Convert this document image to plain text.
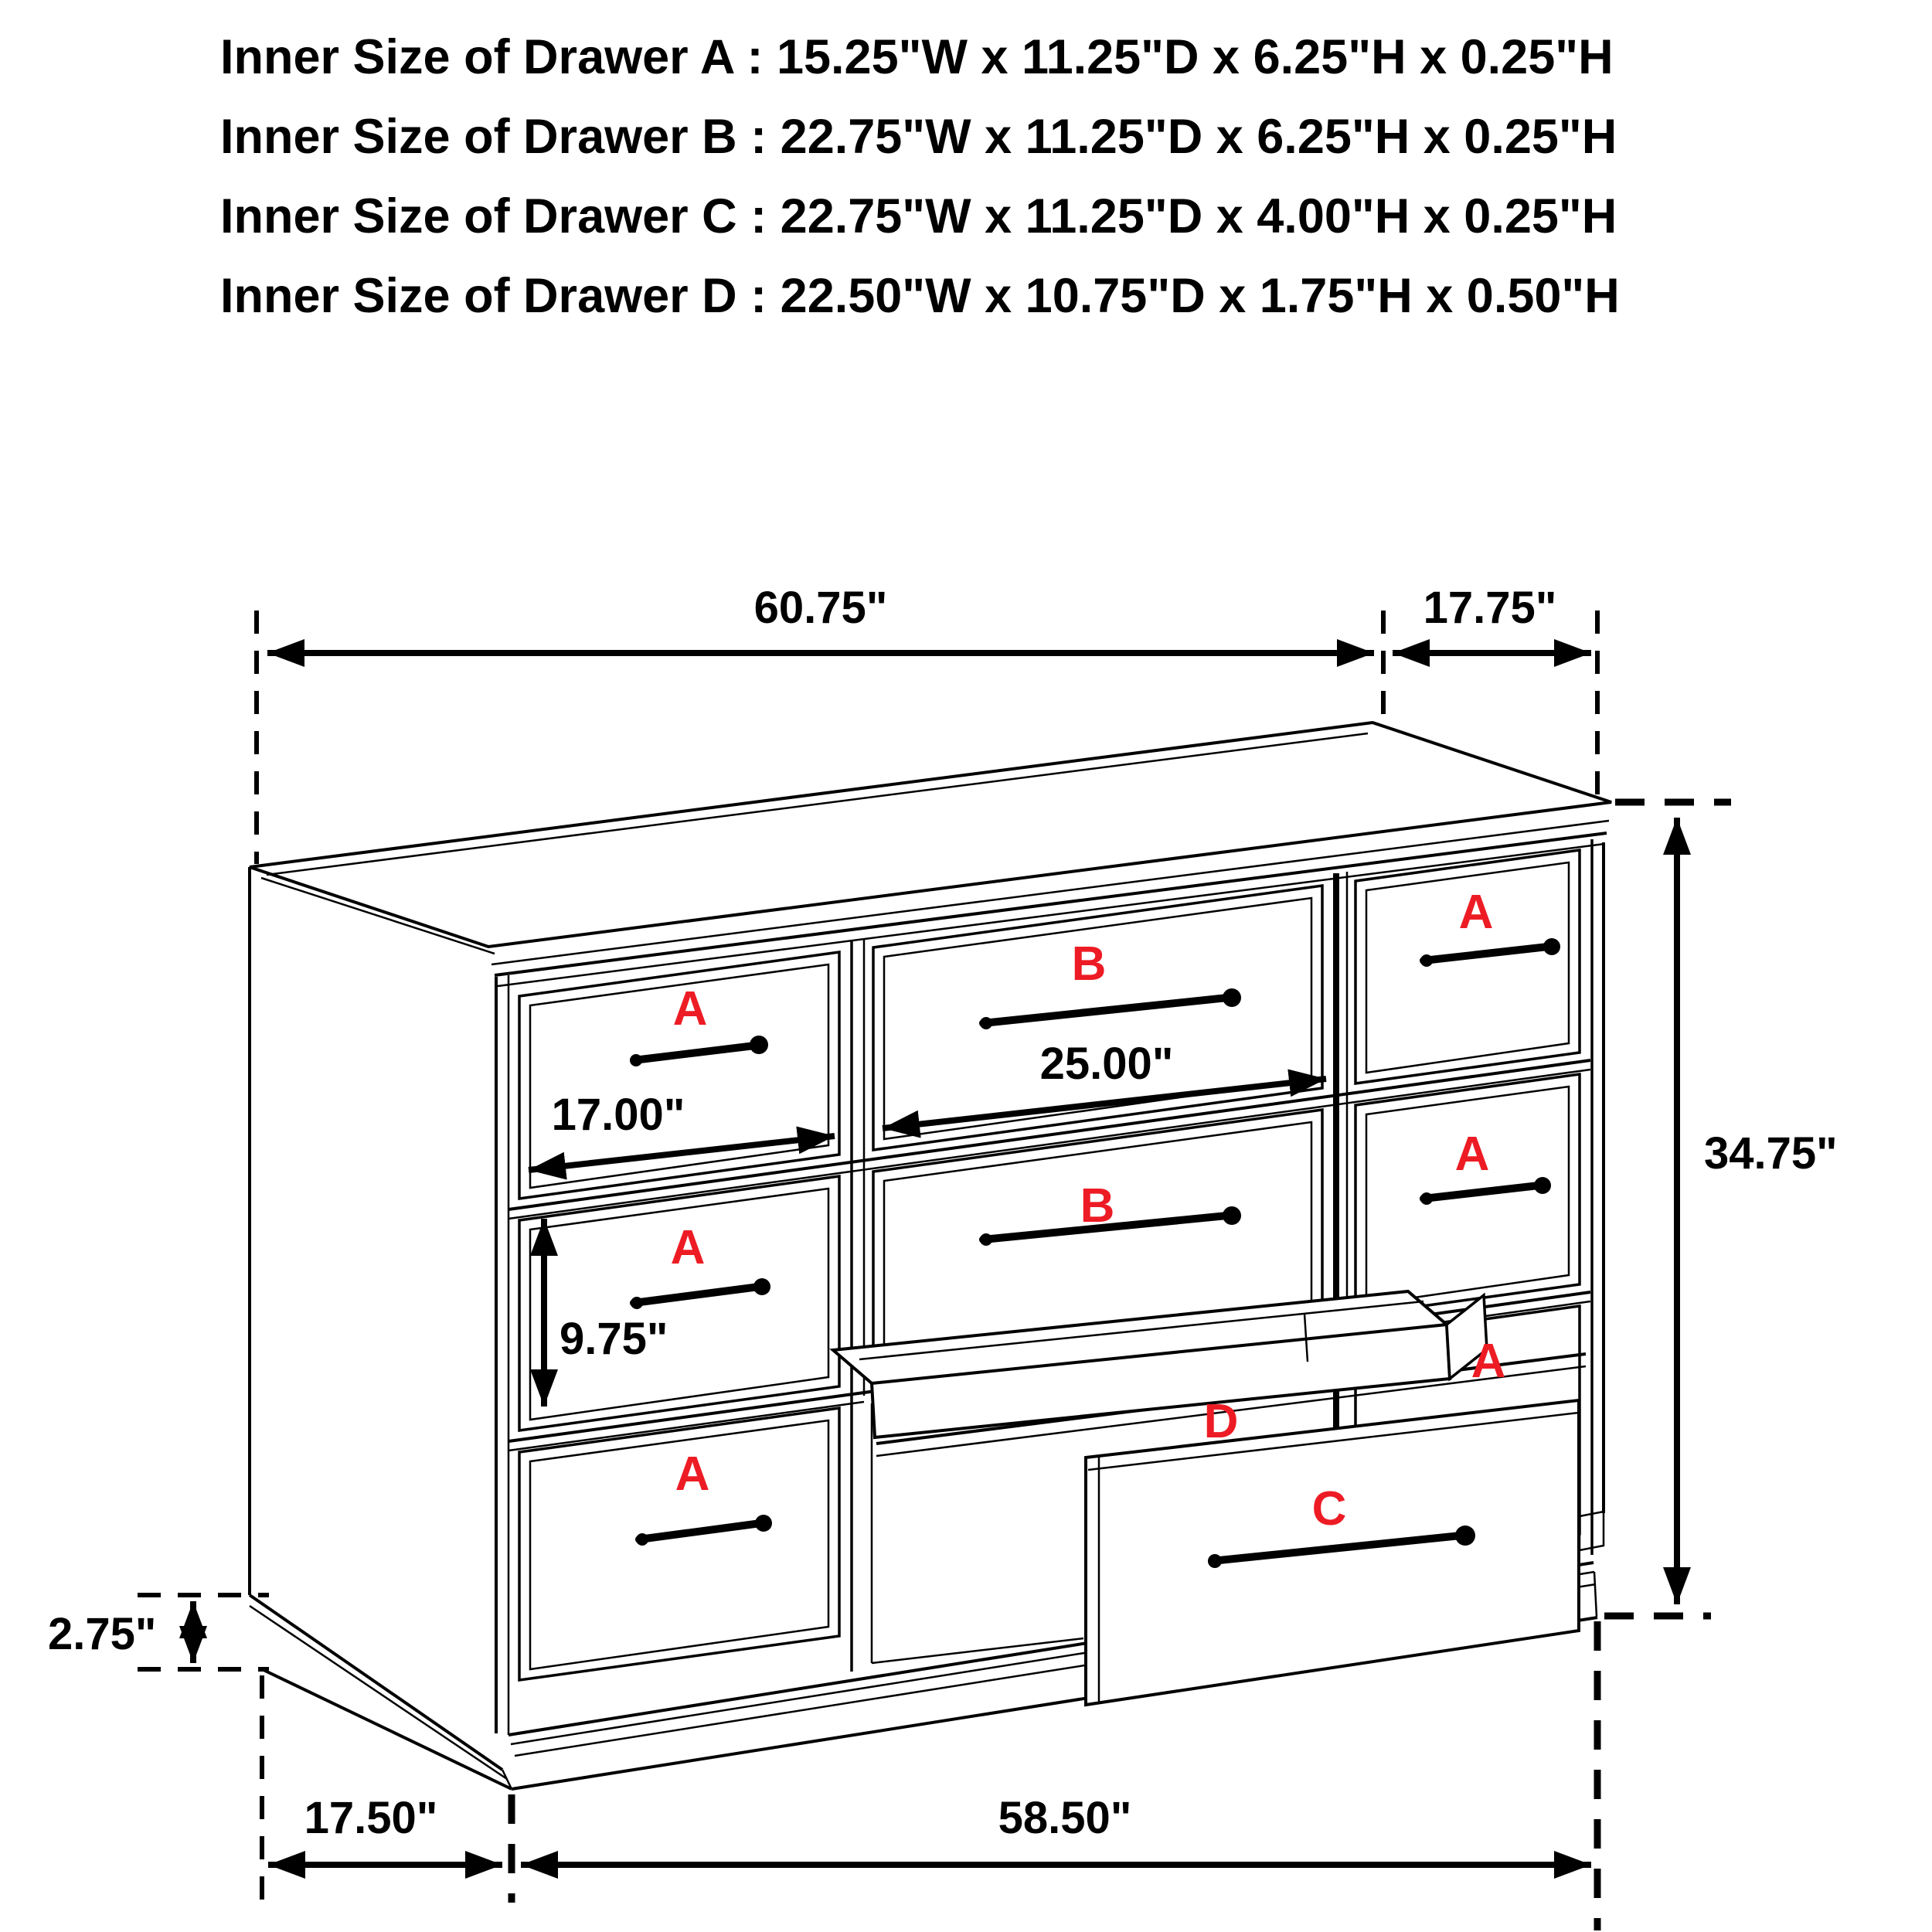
Inner Size of Drawer A : 15.25"W x 11.25"D x 6.25"H x 0.25"H
Inner Size of Drawer B : 22.75"W x 11.25"D x 6.25"H x 0.25"H
Inner Size of Drawer C : 22.75"W x 11.25"D x 4.00"H x 0.25"H
Inner Size of Drawer D : 22.50"W x 10.75"D x 1.75"H x 0.50"H
A
B
A
A
B
A
A
A
D
C
60.75"	17.75"
17.00"
25.00"
9.75"
34.75"
2.75"
17.50"	58.50"
